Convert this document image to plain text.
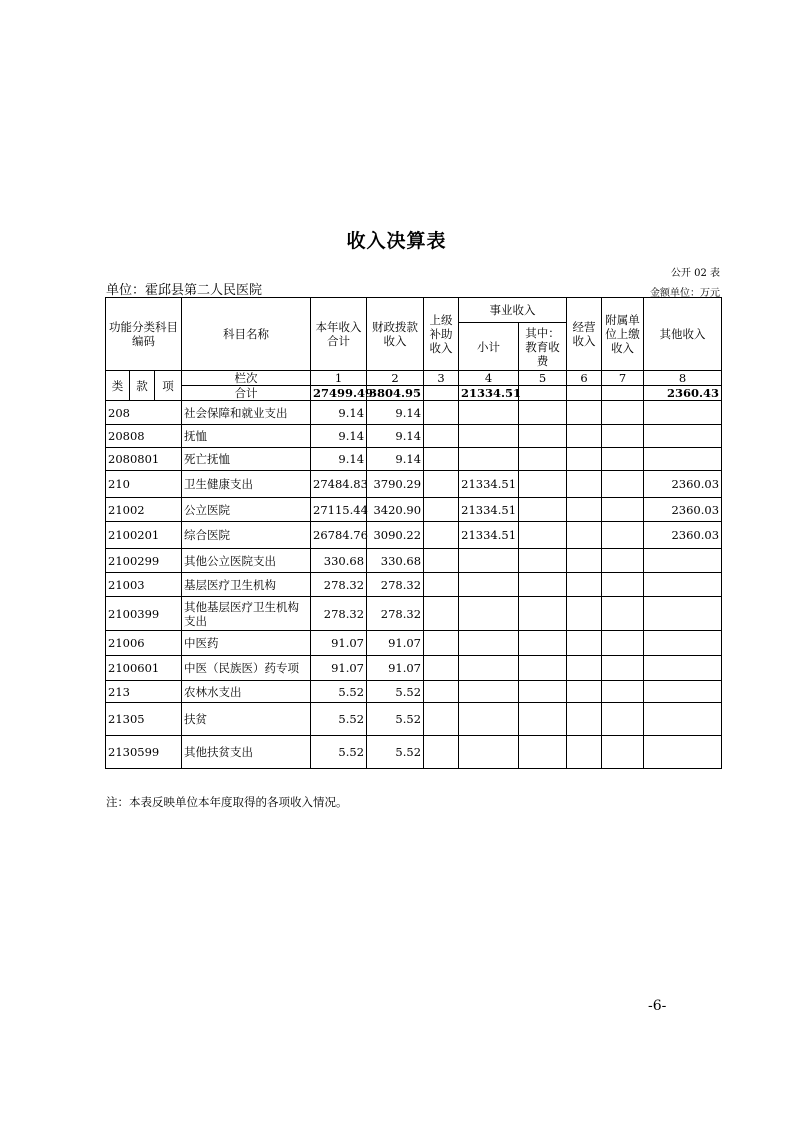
收入决算表
公开 02 表
单位：霍邱县第二人民医院	金额单位：万元
功能分类科目编码			科目名称	本年收入合计	财政拨款收入	上级补助收入	事业收入		经营收入	附属单位上缴收入	其他收入
							小计	其中：教育收费			
类	款	项	栏次	1	2	3	4	5	6	7	8
			合计	27499.49	3804.95		21334.51				2360.43
208			社会保障和就业支出	9.14	9.14						
20808			抚恤	9.14	9.14						
2080801			死亡抚恤	9.14	9.14						
210			卫生健康支出	27484.83	3790.29		21334.51				2360.03
21002			公立医院	27115.44	3420.90		21334.51				2360.03
2100201			综合医院	26784.76	3090.22		21334.51				2360.03
2100299			其他公立医院支出	330.68	330.68						
21003			基层医疗卫生机构	278.32	278.32						
2100399			其他基层医疗卫生机构支出	278.32	278.32						
21006			中医药	91.07	91.07						
2100601			中医（民族医）药专项	91.07	91.07						
213			农林水支出	5.52	5.52						
21305			扶贫	5.52	5.52						
2130599			其他扶贫支出	5.52	5.52						
注：本表反映单位本年度取得的各项收入情况。
-6-
